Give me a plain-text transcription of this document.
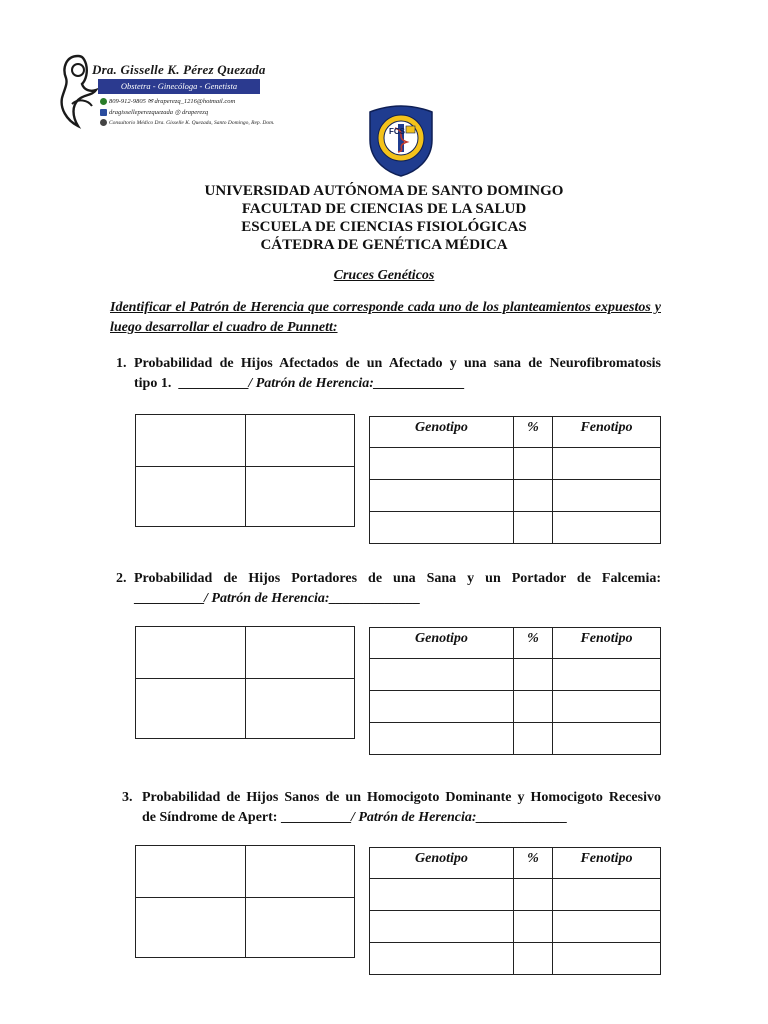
Dra. Gisselle K. Pérez Quezada
Obstetra - Ginecóloga - Genetista
809-912-9805 ✉ draperezq_1216@hotmail.com
dragisselleperezquezada ◎ draperezq
Consultorio Médico Dra. Gisselle K. Quezada, Santo Domingo, Rep. Dom.
FCS
UNIVERSIDAD AUTÓNOMA DE SANTO DOMINGO
FACULTAD DE CIENCIAS DE LA SALUD
ESCUELA DE CIENCIAS FISIOLÓGICAS
CÁTEDRA DE GENÉTICA MÉDICA
Cruces Genéticos
Identificar el Patrón de Herencia que corresponde cada uno de los planteamientos expuestos y luego desarrollar el cuadro de Punnett:
1. Probabilidad de Hijos Afectados de un Afectado y una sana de Neurofibromatosis
tipo 1. __________/ Patrón de Herencia:_____________

Genotipo	%	Fenotipo

2. Probabilidad de Hijos Portadores de una Sana y un Portador de Falcemia:
__________/ Patrón de Herencia:_____________

Genotipo	%	Fenotipo

3. Probabilidad de Hijos Sanos de un Homocigoto Dominante y Homocigoto Recesivo
de Síndrome de Apert: __________/ Patrón de Herencia:_____________

Genotipo	%	Fenotipo
